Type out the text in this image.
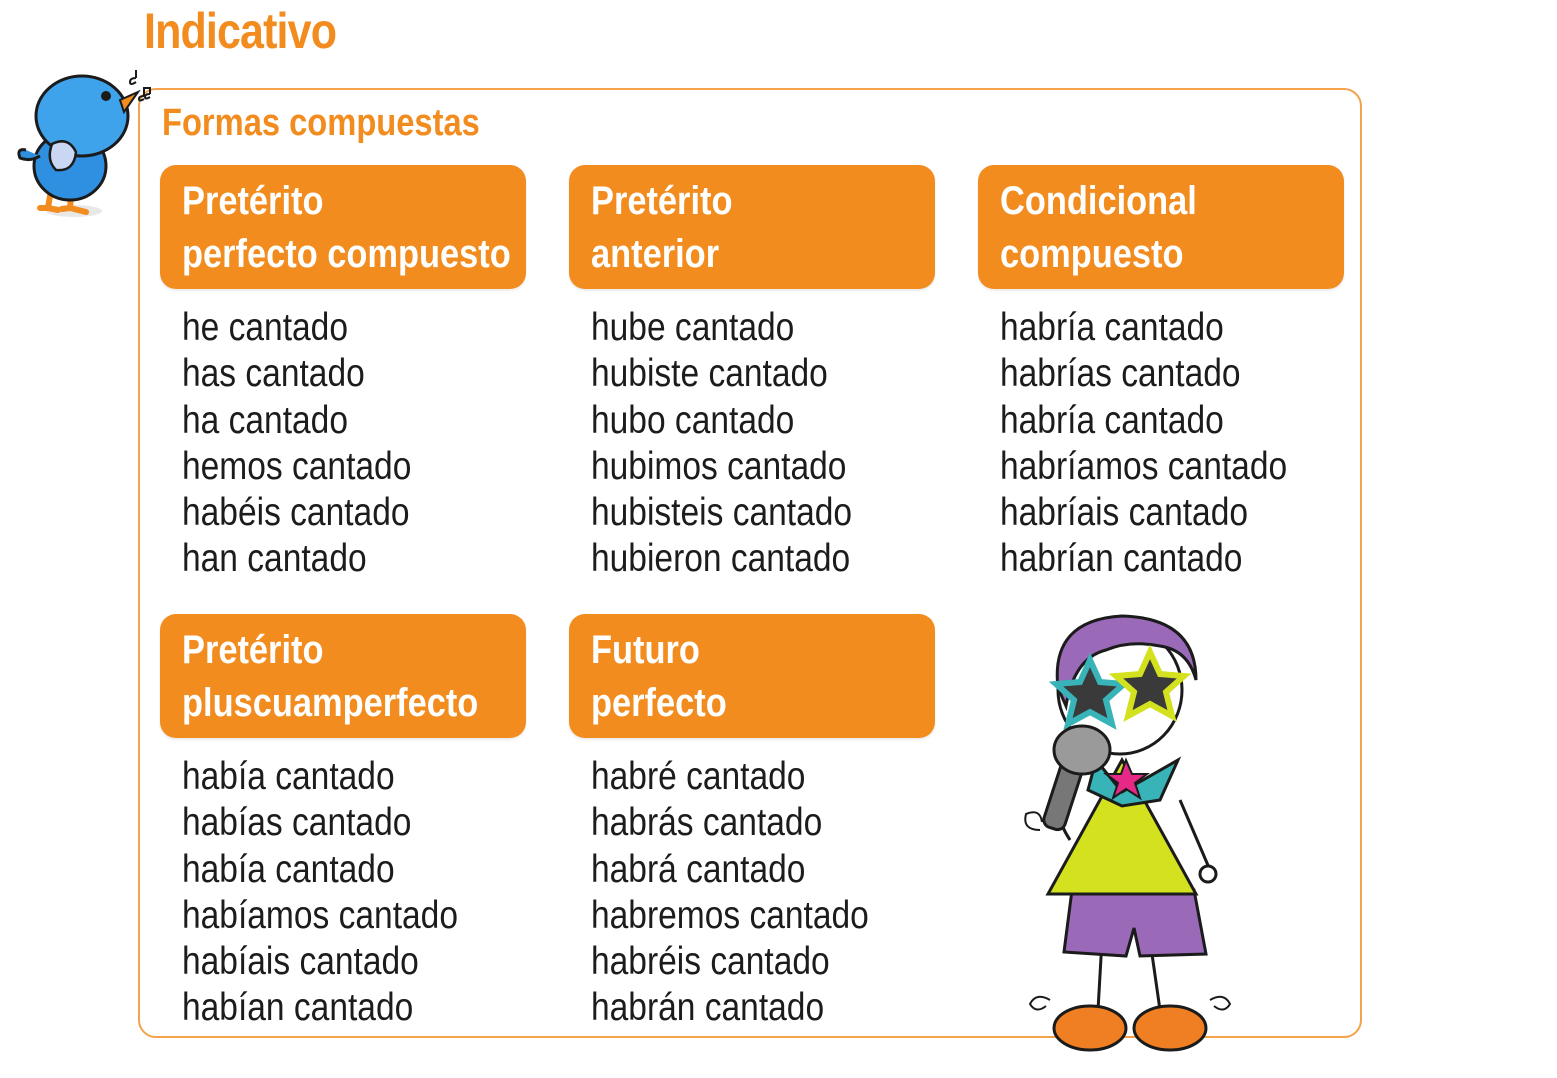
Indicativo
Formas compuestas
Pretérito
perfecto compuesto
he cantado
has cantado
ha cantado
hemos cantado
habéis cantado
han cantado
Pretérito
anterior
hube cantado
hubiste cantado
hubo cantado
hubimos cantado
hubisteis cantado
hubieron cantado
Condicional
compuesto
habría cantado
habrías cantado
habría cantado
habríamos cantado
habríais cantado
habrían cantado
Pretérito
pluscuamperfecto
había cantado
habías cantado
había cantado
habíamos cantado
habíais cantado
habían cantado
Futuro
perfecto
habré cantado
habrás cantado
habrá cantado
habremos cantado
habréis cantado
habrán cantado
